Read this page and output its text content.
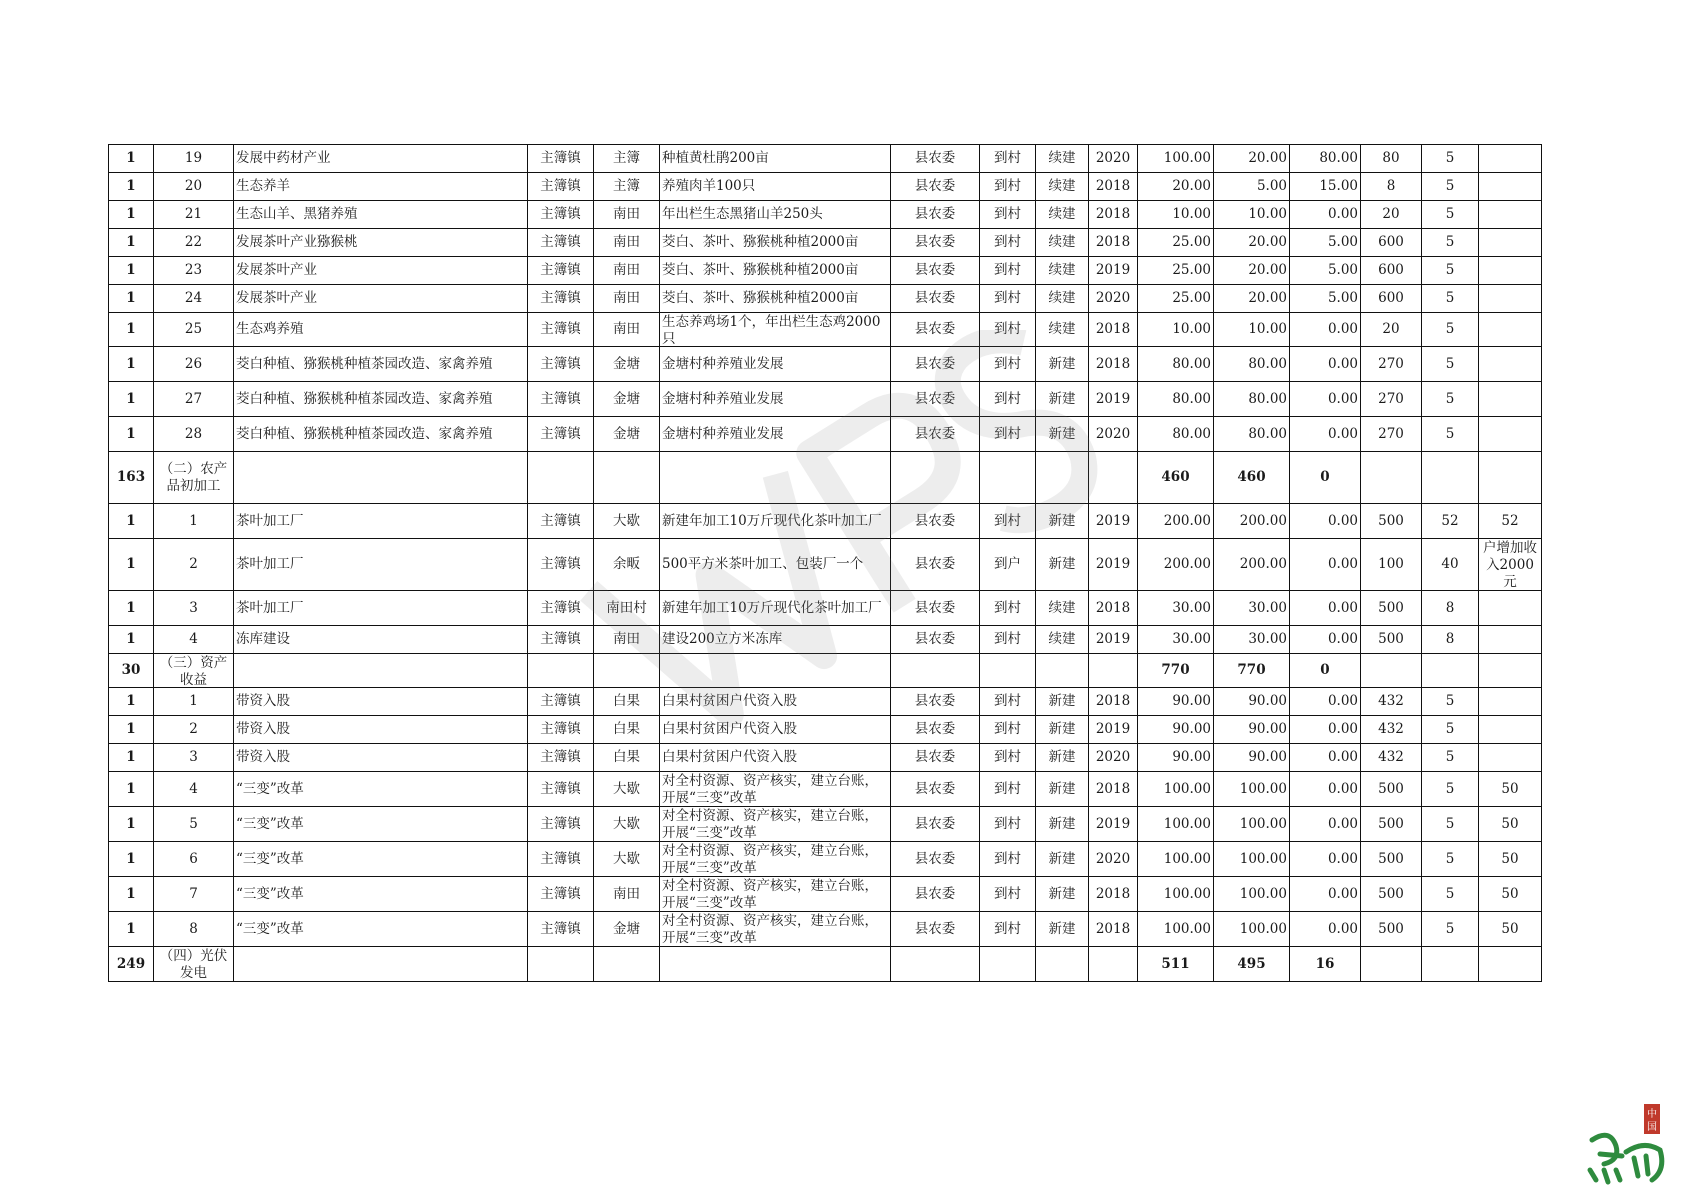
1	19	发展中药材产业	主簿镇	主簿	种植黄杜鹃200亩	县农委	到村	续建	2020	100.00	20.00	80.00	80	5	

1	20	生态养羊	主簿镇	主簿	养殖肉羊100只	县农委	到村	续建	2018	20.00	5.00	15.00	8	5	

1	21	生态山羊、黑猪养殖	主簿镇	南田	年出栏生态黑猪山羊250头	县农委	到村	续建	2018	10.00	10.00	0.00	20	5	

1	22	发展茶叶产业猕猴桃	主簿镇	南田	茭白、茶叶、猕猴桃种植2000亩	县农委	到村	续建	2018	25.00	20.00	5.00	600	5	

1	23	发展茶叶产业	主簿镇	南田	茭白、茶叶、猕猴桃种植2000亩	县农委	到村	续建	2019	25.00	20.00	5.00	600	5	

1	24	发展茶叶产业	主簿镇	南田	茭白、茶叶、猕猴桃种植2000亩	县农委	到村	续建	2020	25.00	20.00	5.00	600	5	

1	25	生态鸡养殖	主簿镇	南田	生态养鸡场1个，年出栏生态鸡2000只	县农委	到村	续建	2018	10.00	10.00	0.00	20	5	

1	26	茭白种植、猕猴桃种植茶园改造、家禽养殖	主簿镇	金塘	金塘村种养殖业发展	县农委	到村	新建	2018	80.00	80.00	0.00	270	5	

1	27	茭白种植、猕猴桃种植茶园改造、家禽养殖	主簿镇	金塘	金塘村种养殖业发展	县农委	到村	新建	2019	80.00	80.00	0.00	270	5	

1	28	茭白种植、猕猴桃种植茶园改造、家禽养殖	主簿镇	金塘	金塘村种养殖业发展	县农委	到村	新建	2020	80.00	80.00	0.00	270	5	

163	（二）农产品初加工									460	460	0			

1	1	茶叶加工厂	主簿镇	大歇	新建年加工10万斤现代化茶叶加工厂	县农委	到村	新建	2019	200.00	200.00	0.00	500	52	52

1	2	茶叶加工厂	主簿镇	余畈	500平方米茶叶加工、包装厂一个	县农委	到户	新建	2019	200.00	200.00	0.00	100	40	户增加收入2000元

1	3	茶叶加工厂	主簿镇	南田村	新建年加工10万斤现代化茶叶加工厂	县农委	到村	续建	2018	30.00	30.00	0.00	500	8	

1	4	冻库建设	主簿镇	南田	建设200立方米冻库	县农委	到村	续建	2019	30.00	30.00	0.00	500	8	

30	（三）资产收益									770	770	0			

1	1	带资入股	主簿镇	白果	白果村贫困户代资入股	县农委	到村	新建	2018	90.00	90.00	0.00	432	5	

1	2	带资入股	主簿镇	白果	白果村贫困户代资入股	县农委	到村	新建	2019	90.00	90.00	0.00	432	5	

1	3	带资入股	主簿镇	白果	白果村贫困户代资入股	县农委	到村	新建	2020	90.00	90.00	0.00	432	5	

1	4	“三变”改革	主簿镇	大歇	对全村资源、资产核实，建立台账，开展“三变”改革	县农委	到村	新建	2018	100.00	100.00	0.00	500	5	50

1	5	“三变”改革	主簿镇	大歇	对全村资源、资产核实，建立台账，开展“三变”改革	县农委	到村	新建	2019	100.00	100.00	0.00	500	5	50

1	6	“三变”改革	主簿镇	大歇	对全村资源、资产核实，建立台账，开展“三变”改革	县农委	到村	新建	2020	100.00	100.00	0.00	500	5	50

1	7	“三变”改革	主簿镇	南田	对全村资源、资产核实，建立台账，开展“三变”改革	县农委	到村	新建	2018	100.00	100.00	0.00	500	5	50

1	8	“三变”改革	主簿镇	金塘	对全村资源、资产核实，建立台账，开展“三变”改革	县农委	到村	新建	2018	100.00	100.00	0.00	500	5	50

249	（四）光伏发电									511	495	16			

中
国
